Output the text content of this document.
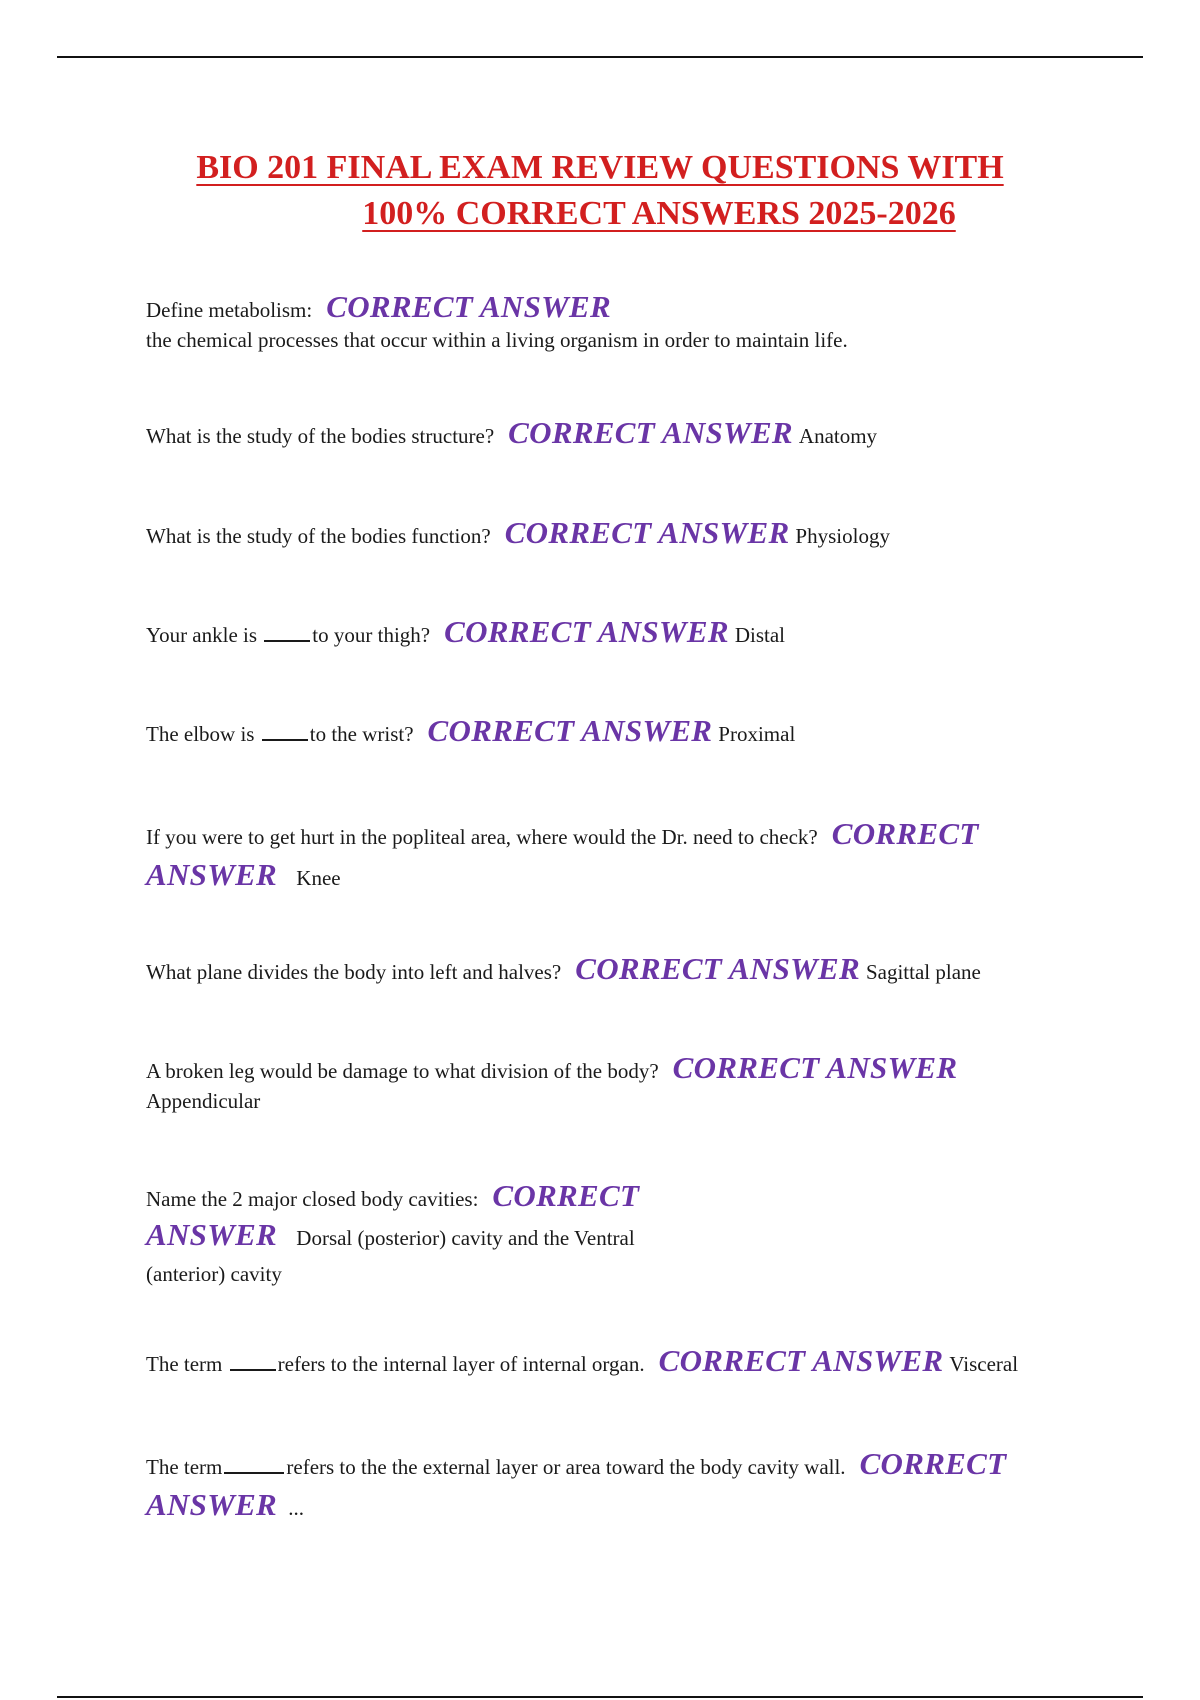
BIO 201 FINAL EXAM REVIEW QUESTIONS WITH
100% CORRECT ANSWERS 2025-2026
Define metabolism: CORRECT ANSWER
the chemical processes that occur within a living organism in order to maintain life.
What is the study of the bodies structure? CORRECT ANSWER Anatomy
What is the study of the bodies function? CORRECT ANSWER Physiology
Your ankle is	to your thigh? CORRECT ANSWER Distal
The elbow is	to the wrist? CORRECT ANSWER Proximal
If you were to get hurt in the popliteal area, where would the Dr. need to check? CORRECT
ANSWER Knee
What plane divides the body into left and halves? CORRECT ANSWER Sagittal plane
A broken leg would be damage to what division of the body? CORRECT ANSWER
Appendicular
Name the 2 major closed body cavities: CORRECT
ANSWER Dorsal (posterior) cavity and the Ventral
(anterior) cavity
The term	refers to the internal layer of internal organ. CORRECT ANSWER Visceral
The term	refers to the the external layer or area toward the body cavity wall. CORRECT
ANSWER ...
